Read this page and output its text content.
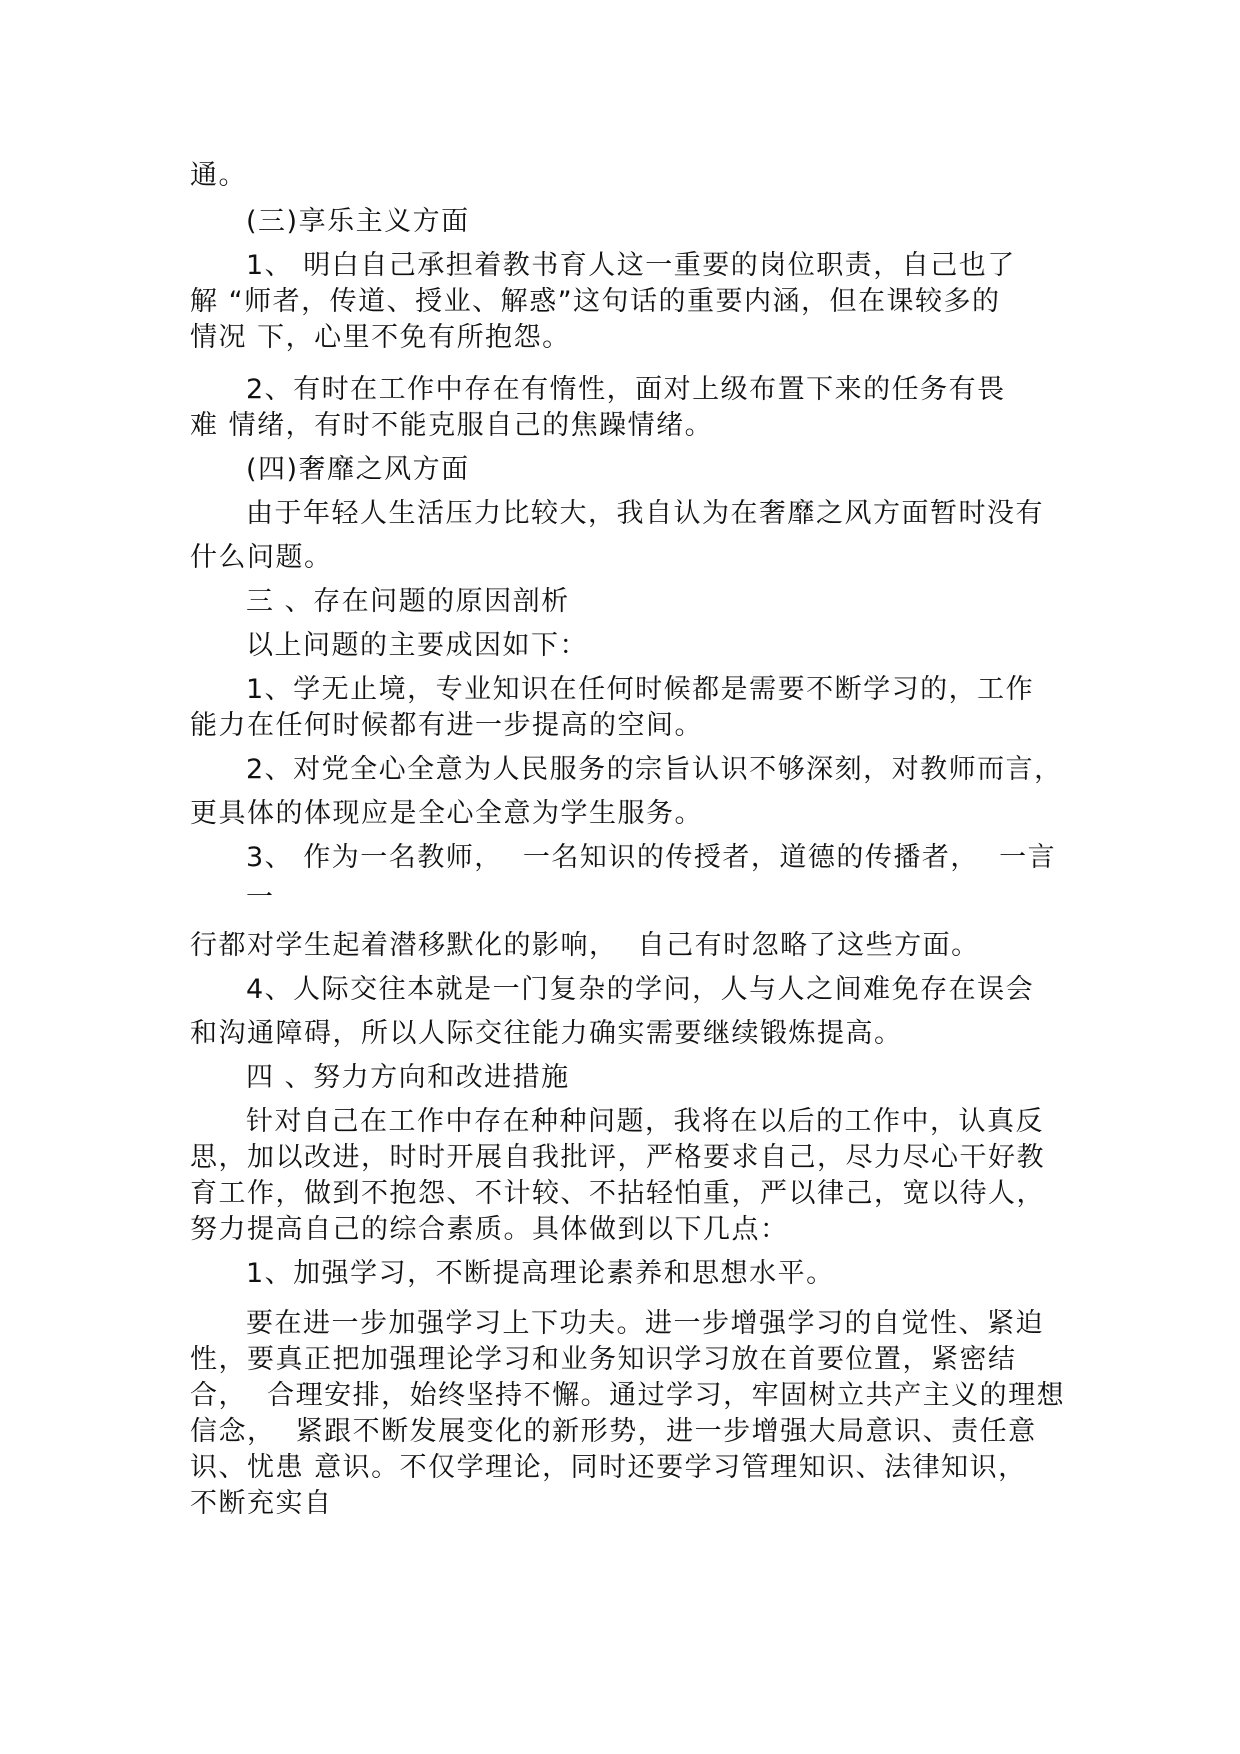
通。
(三)享乐主义方面
1、 明白自己承担着教书育人这一重要的岗位职责，自己也了
解 “师者，传道、授业、解惑”这句话的重要内涵，但在课较多的
情况 下，心里不免有所抱怨。
2、有时在工作中存在有惰性，面对上级布置下来的任务有畏
难 情绪，有时不能克服自己的焦躁情绪。
(四)奢靡之风方面
由于年轻人生活压力比较大，我自认为在奢靡之风方面暂时没有
什么问题。
三 、存在问题的原因剖析
以上问题的主要成因如下：
1、学无止境，专业知识在任何时候都是需要不断学习的，工作
能力在任何时候都有进一步提高的空间。
2、对党全心全意为人民服务的宗旨认识不够深刻，对教师而言，
更具体的体现应是全心全意为学生服务。
3、 作为一名教师，  一名知识的传授者，道德的传播者，  一言
一
行都对学生起着潜移默化的影响，  自己有时忽略了这些方面。
4、人际交往本就是一门复杂的学问，人与人之间难免存在误会
和沟通障碍，所以人际交往能力确实需要继续锻炼提高。
四 、努力方向和改进措施
针对自己在工作中存在种种问题，我将在以后的工作中，认真反
思，加以改进，时时开展自我批评，严格要求自己，尽力尽心干好教
育工作，做到不抱怨、不计较、不拈轻怕重，严以律己，宽以待人，
努力提高自己的综合素质。具体做到以下几点：
1、加强学习，不断提高理论素养和思想水平。
要在进一步加强学习上下功夫。进一步增强学习的自觉性、紧迫
性，要真正把加强理论学习和业务知识学习放在首要位置，紧密结
合，  合理安排，始终坚持不懈。通过学习，牢固树立共产主义的理想
信念，  紧跟不断发展变化的新形势，进一步增强大局意识、责任意
识、忧患 意识。不仅学理论，同时还要学习管理知识、法律知识，
不断充实自
